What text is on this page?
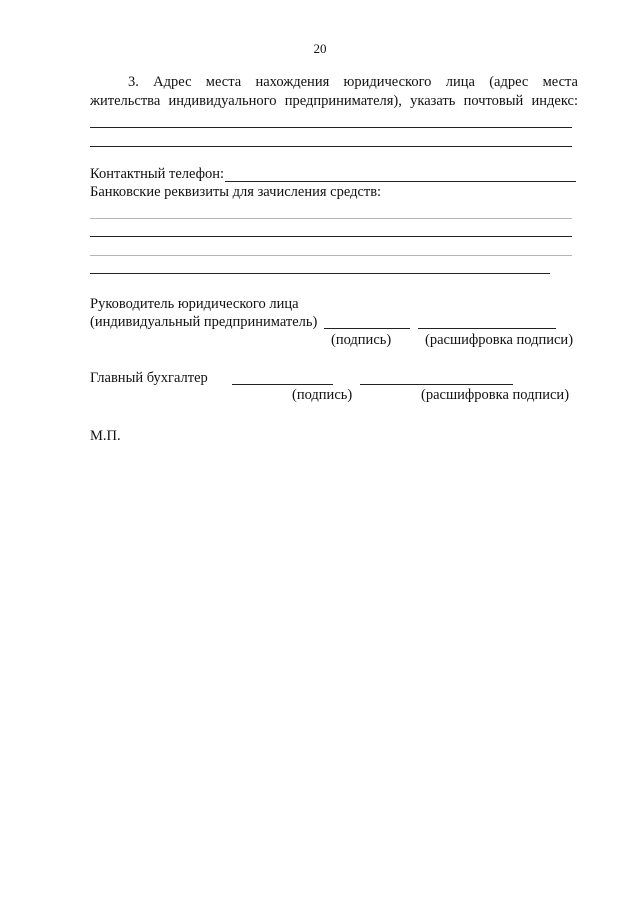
20
3. Адрес места нахождения юридического лица (адрес места
жительства индивидуального предпринимателя), указать почтовый индекс:
Контактный телефон:
Банковские реквизиты для зачисления средств:
Руководитель юридического лица
(индивидуальный предприниматель)
(подпись) (расшифровка подписи)
Главный бухгалтер
(подпись)	(расшифровка подписи)
М.П.
